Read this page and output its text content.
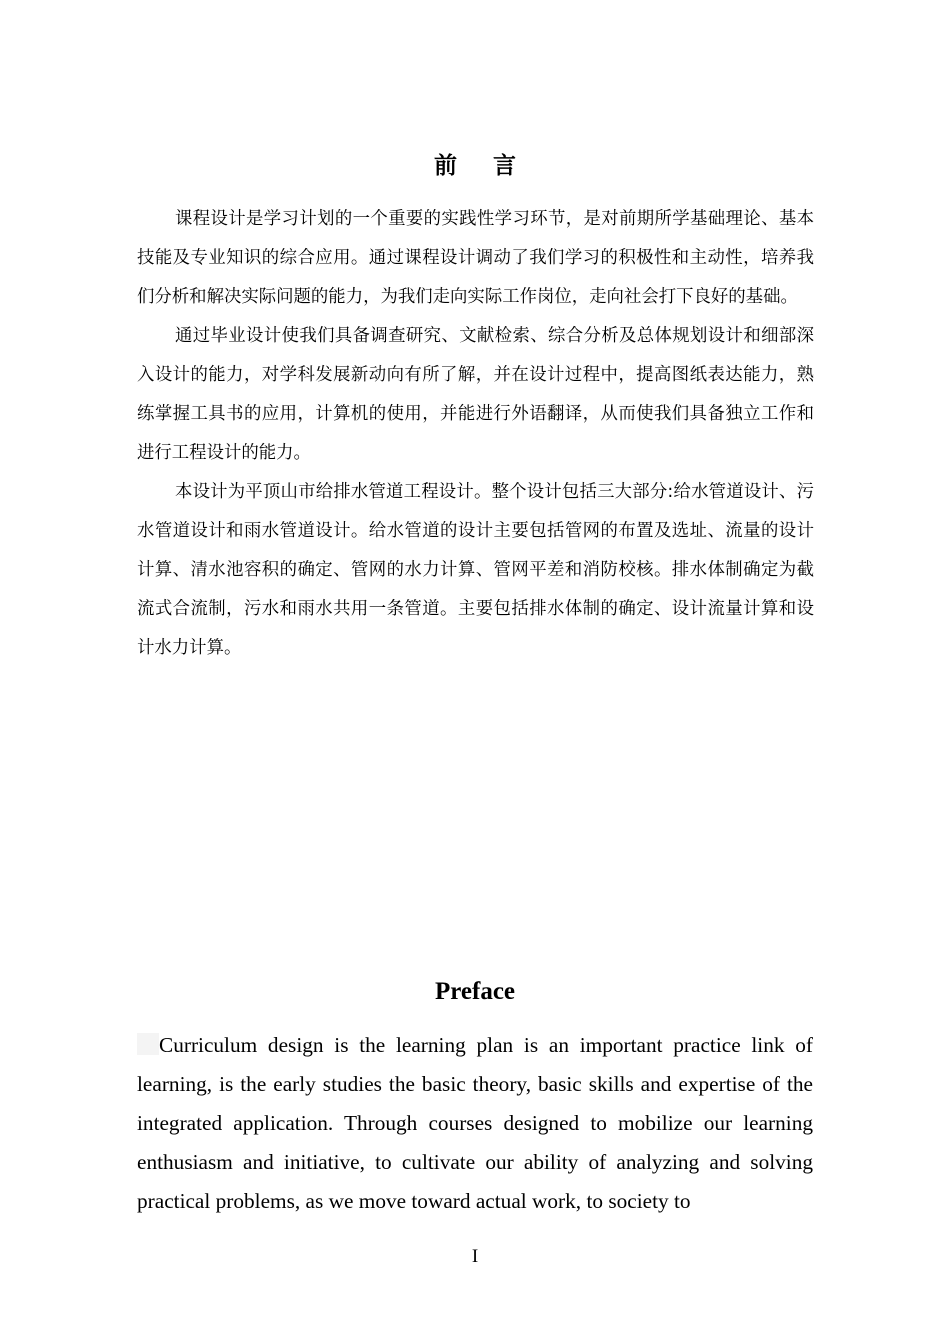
前 言

课程设计是学习计划的一个重要的实践性学习环节，是对前期所学基础理论、基本技能及专业知识的综合应用。通过课程设计调动了我们学习的积极性和主动性，培养我们分析和解决实际问题的能力，为我们走向实际工作岗位，走向社会打下良好的基础。

通过毕业设计使我们具备调查研究、文献检索、综合分析及总体规划设计和细部深入设计的能力，对学科发展新动向有所了解，并在设计过程中，提高图纸表达能力，熟练掌握工具书的应用，计算机的使用，并能进行外语翻译，从而使我们具备独立工作和进行工程设计的能力。

本设计为平顶山市给排水管道工程设计。整个设计包括三大部分:给水管道设计、污水管道设计和雨水管道设计。给水管道的设计主要包括管网的布置及选址、流量的设计计算、清水池容积的确定、管网的水力计算、管网平差和消防校核。排水体制确定为截流式合流制，污水和雨水共用一条管道。主要包括排水体制的确定、设计流量计算和设计水力计算。

Preface

Curriculum design is the learning plan is an important practice link of learning, is the early studies the basic theory, basic skills and expertise of the integrated application. Through courses designed to mobilize our learning enthusiasm and initiative, to cultivate our ability of analyzing and solving practical problems, as we move toward actual work, to society to

I
